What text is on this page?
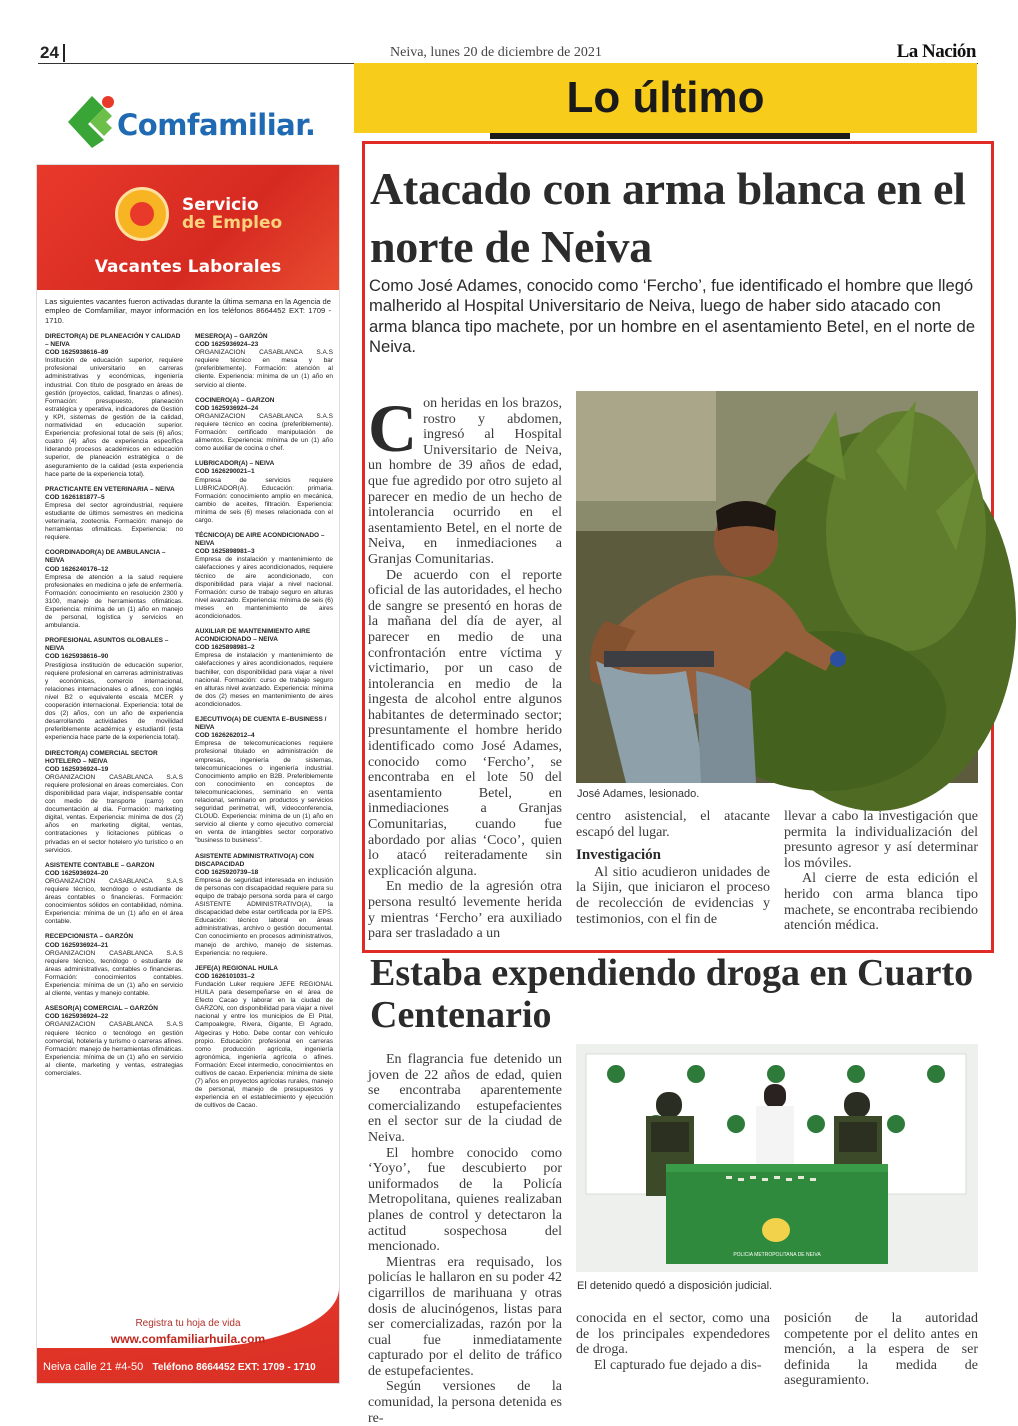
24	Neiva, lunes 20 de diciembre de 2021	La Nación
Lo último
Comfamiliar.
Servicio
de Empleo
Vacantes Laborales
Las siguientes vacantes fueron activadas durante la última semana en la Agencia de empleo de Comfamiliar, mayor información en los teléfonos 8664452 EXT: 1709 - 1710.
DIRECTOR(A) DE PLANEACIÓN Y CALIDAD – NEIVA
COD 1625938616–89
Institución de educación superior, requiere profesional universitario en carreras administrativas y económicas, ingeniería industrial. Con título de posgrado en áreas de gestión (proyectos, calidad, finanzas o afines). Formación: presupuesto, planeación estratégica y operativa, indicadores de Gestión y KPI, sistemas de gestión de la calidad, normatividad en educación superior. Experiencia: profesional total de seis (6) años; cuatro (4) años de experiencia específica liderando procesos académicos en educación superior, de planeación estratégica o de aseguramiento de la calidad (esta experiencia hace parte de la experiencia total).
PRACTICANTE EN VETERINARIA – NEIVA
COD 1626181877–5
Empresa del sector agroindustrial, requiere estudiante de últimos semestres en medicina veterinaria, zootecnia. Formación: manejo de herramientas ofimáticas. Experiencia: no requiere.
COORDINADOR(A) DE AMBULANCIA – NEIVA
COD 1626240176–12
Empresa de atención a la salud requiere profesionales en medicina o jefe de enfermería. Formación: conocimiento en resolución 2300 y 3100, manejo de herramientas ofimáticas. Experiencia: mínima de un (1) año en manejo de personal, logística y servicios en ambulancia.
PROFESIONAL ASUNTOS GLOBALES – NEIVA
COD 1625938616–90
Prestigiosa institución de educación superior, requiere profesional en carreras administrativas y económicas, comercio internacional, relaciones internacionales o afines, con inglés nivel B2 o equivalente escala MCER y cooperación internacional. Experiencia: total de dos (2) años, con un año de experiencia desarrollando actividades de movilidad preferiblemente académica y estudiantil (esta experiencia hace parte de la experiencia total).
DIRECTOR(A) COMERCIAL SECTOR HOTELERO – NEIVA
COD 1625936924–19
ORGANIZACION CASABLANCA S.A.S requiere profesional en áreas comerciales. Con disponibilidad para viajar, indispensable contar con medio de transporte (carro) con documentación al día. Formación: marketing digital, ventas. Experiencia: mínima de dos (2) años en marketing digital, ventas, contrataciones y licitaciones públicas o privadas en el sector hotelero y/o turístico o en servicios.
ASISTENTE CONTABLE – GARZON
COD 1625936924–20
ORGANIZACION CASABLANCA S.A.S requiere técnico, tecnólogo o estudiante de áreas contables o financieras. Formación: conocimientos sólidos en contabilidad, nómina. Experiencia: mínima de un (1) año en el área contable.
RECEPCIONISTA – GARZÓN
COD 1625936924–21
ORGANIZACION CASABLANCA S.A.S requiere técnico, tecnólogo o estudiante de áreas administrativas, contables o financieras. Formación: conocimientos contables. Experiencia: mínima de un (1) año en servicio al cliente, ventas y manejo contable.
ASESOR(A) COMERCIAL – GARZÓN
COD 1625936924–22
ORGANIZACION CASABLANCA S.A.S requiere técnico o tecnólogo en gestión comercial, hotelería y turismo o carreras afines. Formación: manejo de herramientas ofimáticas. Experiencia: mínima de un (1) año en servicio al cliente, marketing y ventas, estrategias comerciales.
MESERO(A) – GARZÓN
COD 1625936924–23
ORGANIZACION CASABLANCA S.A.S requiere técnico en mesa y bar (preferiblemente). Formación: atención al cliente. Experiencia: mínima de un (1) año en servicio al cliente.
COCINERO(A) – GARZON
COD 1625936924–24
ORGANIZACION CASABLANCA S.A.S requiere técnico en cocina (preferiblemente). Formación: certificado manipulación de alimentos. Experiencia: mínima de un (1) año como auxiliar de cocina o chef.
LUBRICADOR(A) – NEIVA
COD 1626290021–1
Empresa de servicios requiere LUBRICADOR(A). Educación: primaria. Formación: conocimiento amplio en mecánica, cambio de aceites, filtración. Experiencia: mínima de seis (6) meses relacionada con el cargo.
TÉCNICO(A) DE AIRE ACONDICIONADO – NEIVA
COD 1625898981–3
Empresa de instalación y mantenimiento de calefacciones y aires acondicionados, requiere técnico de aire acondicionado, con disponibilidad para viajar a nivel nacional. Formación: curso de trabajo seguro en alturas nivel avanzado. Experiencia: mínima de seis (6) meses en mantenimiento de aires acondicionados.
AUXILIAR DE MANTENIMIENTO AIRE ACONDICIONADO – NEIVA
COD 1625898981–2
Empresa de instalación y mantenimiento de calefacciones y aires acondicionados, requiere bachiller, con disponibilidad para viajar a nivel nacional. Formación: curso de trabajo seguro en alturas nivel avanzado. Experiencia: mínima de dos (2) meses en mantenimiento de aires acondicionados.
EJECUTIVO(A) DE CUENTA E–BUSINESS / NEIVA
COD 1626262012–4
Empresa de telecomunicaciones requiere profesional titulado en administración de empresas, ingeniería de sistemas, telecomunicaciones o ingeniería industrial. Conocimiento amplio en B2B. Preferiblemente con conocimiento en conceptos de telecomunicaciones, seminario en venta relacional, seminario en productos y servicios seguridad perimetral, wifi, videoconferencia, CLOUD. Experiencia: mínima de un (1) año en servicio al cliente y como ejecutivo comercial en venta de intangibles sector corporativo "business to business".
ASISTENTE ADMINISTRATIVO(A) CON DISCAPACIDAD
COD 1625920739–18
Empresa de seguridad interesada en inclusión de personas con discapacidad requiere para su equipo de trabajo persona sorda para el cargo ASISTENTE ADMINISTRATIVO(A), la discapacidad debe estar certificada por la EPS. Educación: técnico laboral en áreas administrativas, archivo o gestión documental. Con conocimiento en procesos administrativos, manejo de archivo, manejo de sistemas. Experiencia: no requiere.
JEFE(A) REGIONAL HUILA
COD 1626101031–2
Fundación Luker requiere JEFE REGIONAL HUILA para desempeñarse en el área de Efecto Cacao y laborar en la ciudad de GARZON, con disponibilidad para viajar a nivel nacional y entre los municipios de El Pital, Campoalegre, Rivera, Gigante, El Agrado, Algeciras y Hobo. Debe contar con vehículo propio. Educación: profesional en carreras como producción agrícola, ingeniería agronómica, ingeniería agrícola o afines. Formación: Excel intermedio, conocimientos en cultivos de cacao. Experiencia: mínima de siete (7) años en proyectos agrícolas rurales, manejo de personal, manejo de presupuestos y experiencia en el establecimiento y ejecución de cultivos de Cacao.
Registra tu hoja de vida
www.comfamiliarhuila.com
Neiva calle 21 #4-50 Teléfono 8664452 EXT: 1709 - 1710
Atacado con arma blanca en el norte de Neiva
Como José Adames, conocido como ‘Fercho’, fue identificado el hombre que llegó malherido al Hospital Universitario de Neiva, luego de haber sido atacado con arma blanca tipo machete, por un hombre en el asentamiento Betel, en el norte de Neiva.

Con heridas en los brazos, rostro y abdomen, ingresó al Hospital Universitario de Neiva, un hombre de 39 años de edad, que fue agredido por otro sujeto al parecer en medio de un hecho de intolerancia ocurrido en el asentamiento Betel, en el norte de Neiva, en inmediaciones a Granjas Comunitarias.

De acuerdo con el reporte oficial de las autoridades, el hecho de sangre se presentó en horas de la mañana del día de ayer, al parecer en medio de una confrontación entre víctima y victimario, por un caso de intolerancia en medio de la ingesta de alcohol entre algunos habitantes de determinado sector; presuntamente el hombre herido identificado como José Adames, conocido como ‘Fercho’, se encontraba en el lote 50 del asentamiento Betel, en inmediaciones a Granjas Comunitarias, cuando fue abordado por alias ‘Coco’, quien lo atacó reiteradamente sin explicación alguna.

En medio de la agresión otra persona resultó levemente herida y mientras ‘Fercho’ era auxiliado para ser trasladado a un

José Adames, lesionado.

centro asistencial, el atacante escapó del lugar.

Investigación

Al sitio acudieron unidades de la Sijin, que iniciaron el proceso de recolección de evidencias y testimonios, con el fin de

llevar a cabo la investigación que permita la individualización del presunto agresor y así determinar los móviles.

Al cierre de esta edición el herido con arma blanca tipo machete, se encontraba recibiendo atención médica.

Estaba expendiendo droga en Cuarto Centenario

En flagrancia fue detenido un joven de 22 años de edad, quien se encontraba aparentemente comercializando estupefacientes en el sector sur de la ciudad de Neiva.

El hombre conocido como ‘Yoyo’, fue descubierto por uniformados de la Policía Metropolitana, quienes realizaban planes de control y detectaron la actitud sospechosa del mencionado.

Mientras era requisado, los policías le hallaron en su poder 42 cigarrillos de marihuana y otras dosis de alucinógenos, listas para ser comercializadas, razón por la cual fue inmediatamente capturado por el delito de tráfico de estupefacientes.

Según versiones de la comunidad, la persona detenida es re-

POLICIA METROPOLITANA DE NEIVA
El detenido quedó a disposición judicial.

conocida en el sector, como una de los principales expendedores de droga.

El capturado fue dejado a dis-

posición de la autoridad competente por el delito antes en mención, a la espera de ser definida la medida de aseguramiento.
